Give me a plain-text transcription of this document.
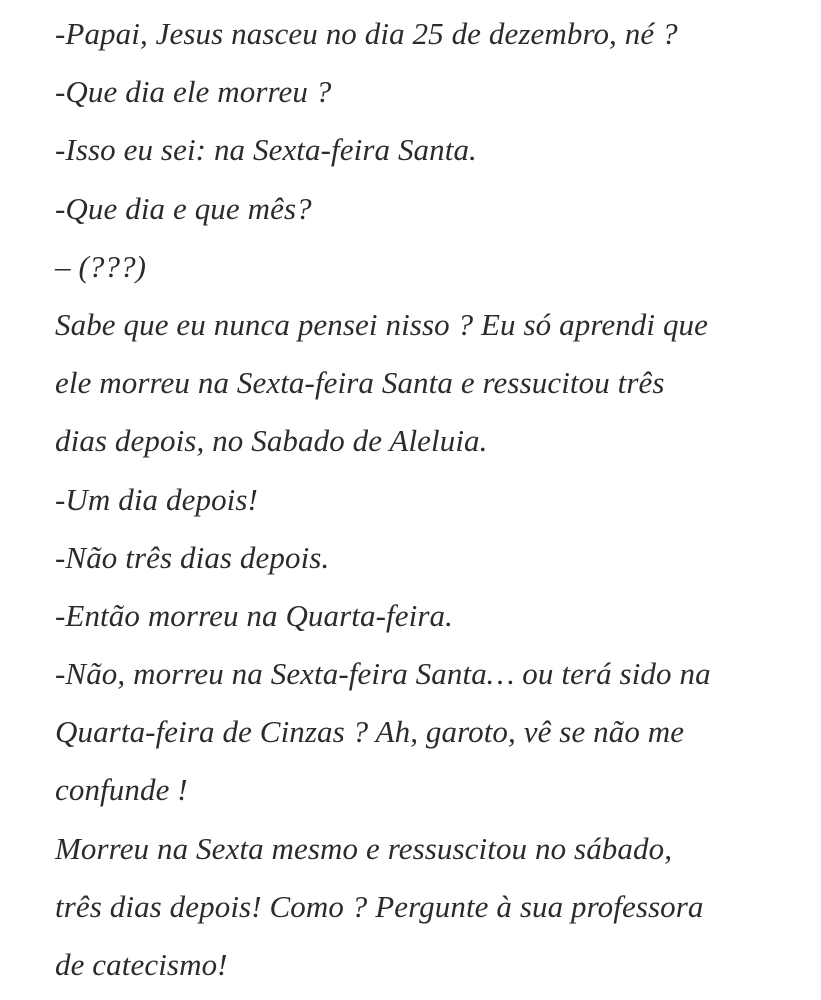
-Papai, Jesus nasceu no dia 25 de dezembro, né ?
-Que dia ele morreu ?
-Isso eu sei: na Sexta-feira Santa.
-Que dia e que mês?
– (???)
Sabe que eu nunca pensei nisso ? Eu só aprendi que
ele morreu na Sexta-feira Santa e ressucitou três
dias depois, no Sabado de Aleluia.
-Um dia depois!
-Não três dias depois.
-Então morreu na Quarta-feira.
-Não, morreu na Sexta-feira Santa… ou terá sido na
Quarta-feira de Cinzas ? Ah, garoto, vê se não me
confunde !
Morreu na Sexta mesmo e ressuscitou no sábado,
três dias depois! Como ? Pergunte à sua professora
de catecismo!
